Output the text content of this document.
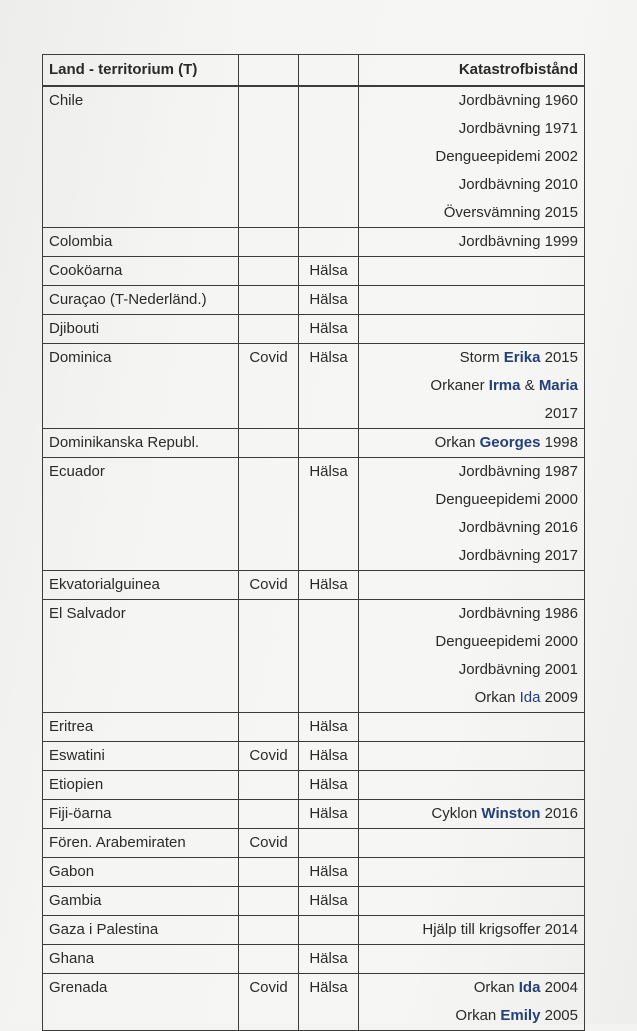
Land - territorium (T)			Katastrofbistånd
Chile			Jordbävning 1960
Jordbävning 1971
Dengueepidemi 2002
Jordbävning 2010
Översvämning 2015

Colombia			Jordbävning 1999

Cooköarna		Hälsa	
Curaçao (T-Nederländ.)		Hälsa	
Djibouti		Hälsa	
Dominica	Covid	Hälsa	Storm Erika 2015
Orkaner Irma & Maria
2017

Dominikanska Republ.			Orkan Georges 1998

Ecuador		Hälsa	Jordbävning 1987
Dengueepidemi 2000
Jordbävning 2016
Jordbävning 2017

Ekvatorialguinea	Covid	Hälsa	
El Salvador			Jordbävning 1986
Dengueepidemi 2000
Jordbävning 2001
Orkan Ida 2009

Eritrea		Hälsa	
Eswatini	Covid	Hälsa	
Etiopien		Hälsa	
Fiji-öarna		Hälsa	Cyklon Winston 2016

Fören. Arabemiraten	Covid		
Gabon		Hälsa	
Gambia		Hälsa	
Gaza i Palestina			Hjälp till krigsoffer 2014

Ghana		Hälsa	
Grenada	Covid	Hälsa	Orkan Ida 2004
Orkan Emily 2005
